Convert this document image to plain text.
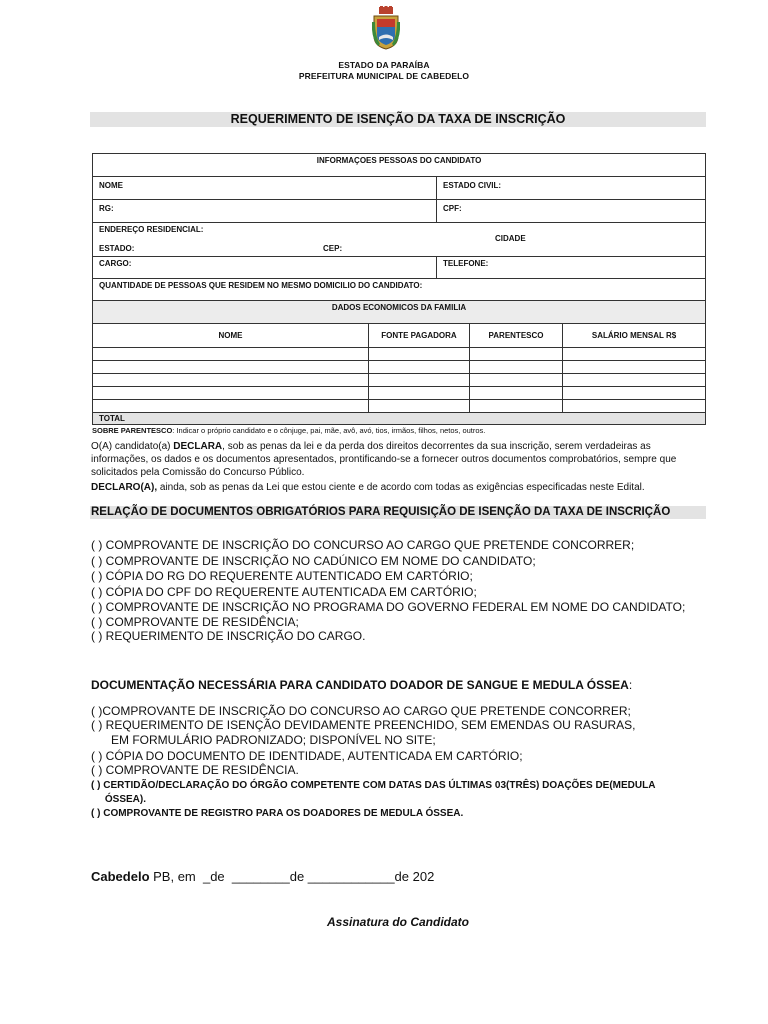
ESTADO DA PARAÍBA
PREFEITURA MUNICIPAL DE CABEDELO
REQUERIMENTO DE ISENÇÃO DA TAXA DE INSCRIÇÃO
INFORMAÇOES PESSOAS DO CANDIDATO				
NOME		ESTADO CIVIL:		
RG:		CPF:		

ENDEREÇO RESIDENCIAL:
CIDADE
ESTADO: CEP:				

CARGO:		TELEFONE:		
QUANTIDADE DE PESSOAS QUE RESIDEM NO MESMO DOMICILIO DO CANDIDATO:				
DADOS ECONOMICOS DA FAMILIA				
NOME	FONTE PAGADORA		PARENTESCO	SALÁRIO MENSAL R$

TOTAL				
SOBRE PARENTESCO: Indicar o próprio candidato e o cônjuge, pai, mãe, avô, avó, tios, irmãos, filhos, netos, outros.
O(A) candidato(a) DECLARA, sob as penas da lei e da perda dos direitos decorrentes da sua inscrição, serem verdadeiras as informações, os dados e os documentos apresentados, prontificando-se a fornecer outros documentos comprobatórios, sempre que solicitados pela Comissão do Concurso Público.
DECLARO(A), ainda, sob as penas da Lei que estou ciente e de acordo com todas as exigências especificadas neste Edital.
RELAÇÃO DE DOCUMENTOS OBRIGATÓRIOS PARA REQUISIÇÃO DE ISENÇÃO DA TAXA DE INSCRIÇÃO
( ) COMPROVANTE DE INSCRIÇÃO DO CONCURSO AO CARGO QUE PRETENDE CONCORRER;
( ) COMPROVANTE DE INSCRIÇÃO NO CADÚNICO EM NOME DO CANDIDATO;
( ) CÓPIA DO RG DO REQUERENTE AUTENTICADO EM CARTÓRIO;
( ) CÓPIA DO CPF DO REQUERENTE AUTENTICADA EM CARTÓRIO;
( ) COMPROVANTE DE INSCRIÇÃO NO PROGRAMA DO GOVERNO FEDERAL EM NOME DO CANDIDATO;
( ) COMPROVANTE DE RESIDÊNCIA;
( ) REQUERIMENTO DE INSCRIÇÃO DO CARGO.
DOCUMENTAÇÃO NECESSÁRIA PARA CANDIDATO DOADOR DE SANGUE E MEDULA ÓSSEA:
( )COMPROVANTE DE INSCRIÇÃO DO CONCURSO AO CARGO QUE PRETENDE CONCORRER;
( ) REQUERIMENTO DE ISENÇÃO DEVIDAMENTE PREENCHIDO, SEM EMENDAS OU RASURAS,
EM FORMULÁRIO PADRONIZADO; DISPONÍVEL NO SITE;
( ) CÓPIA DO DOCUMENTO DE IDENTIDADE, AUTENTICADA EM CARTÓRIO;
( ) COMPROVANTE DE RESIDÊNCIA.
( ) CERTIDÃO/DECLARAÇÃO DO ÓRGÃO COMPETENTE COM DATAS DAS ÚLTIMAS 03(TRÊS) DOAÇÕES DE(MEDULA
ÓSSEA).
( ) COMPROVANTE DE REGISTRO PARA OS DOADORES DE MEDULA ÓSSEA.
Cabedelo PB, em  _de  ________de ____________de 202
Assinatura do Candidato
